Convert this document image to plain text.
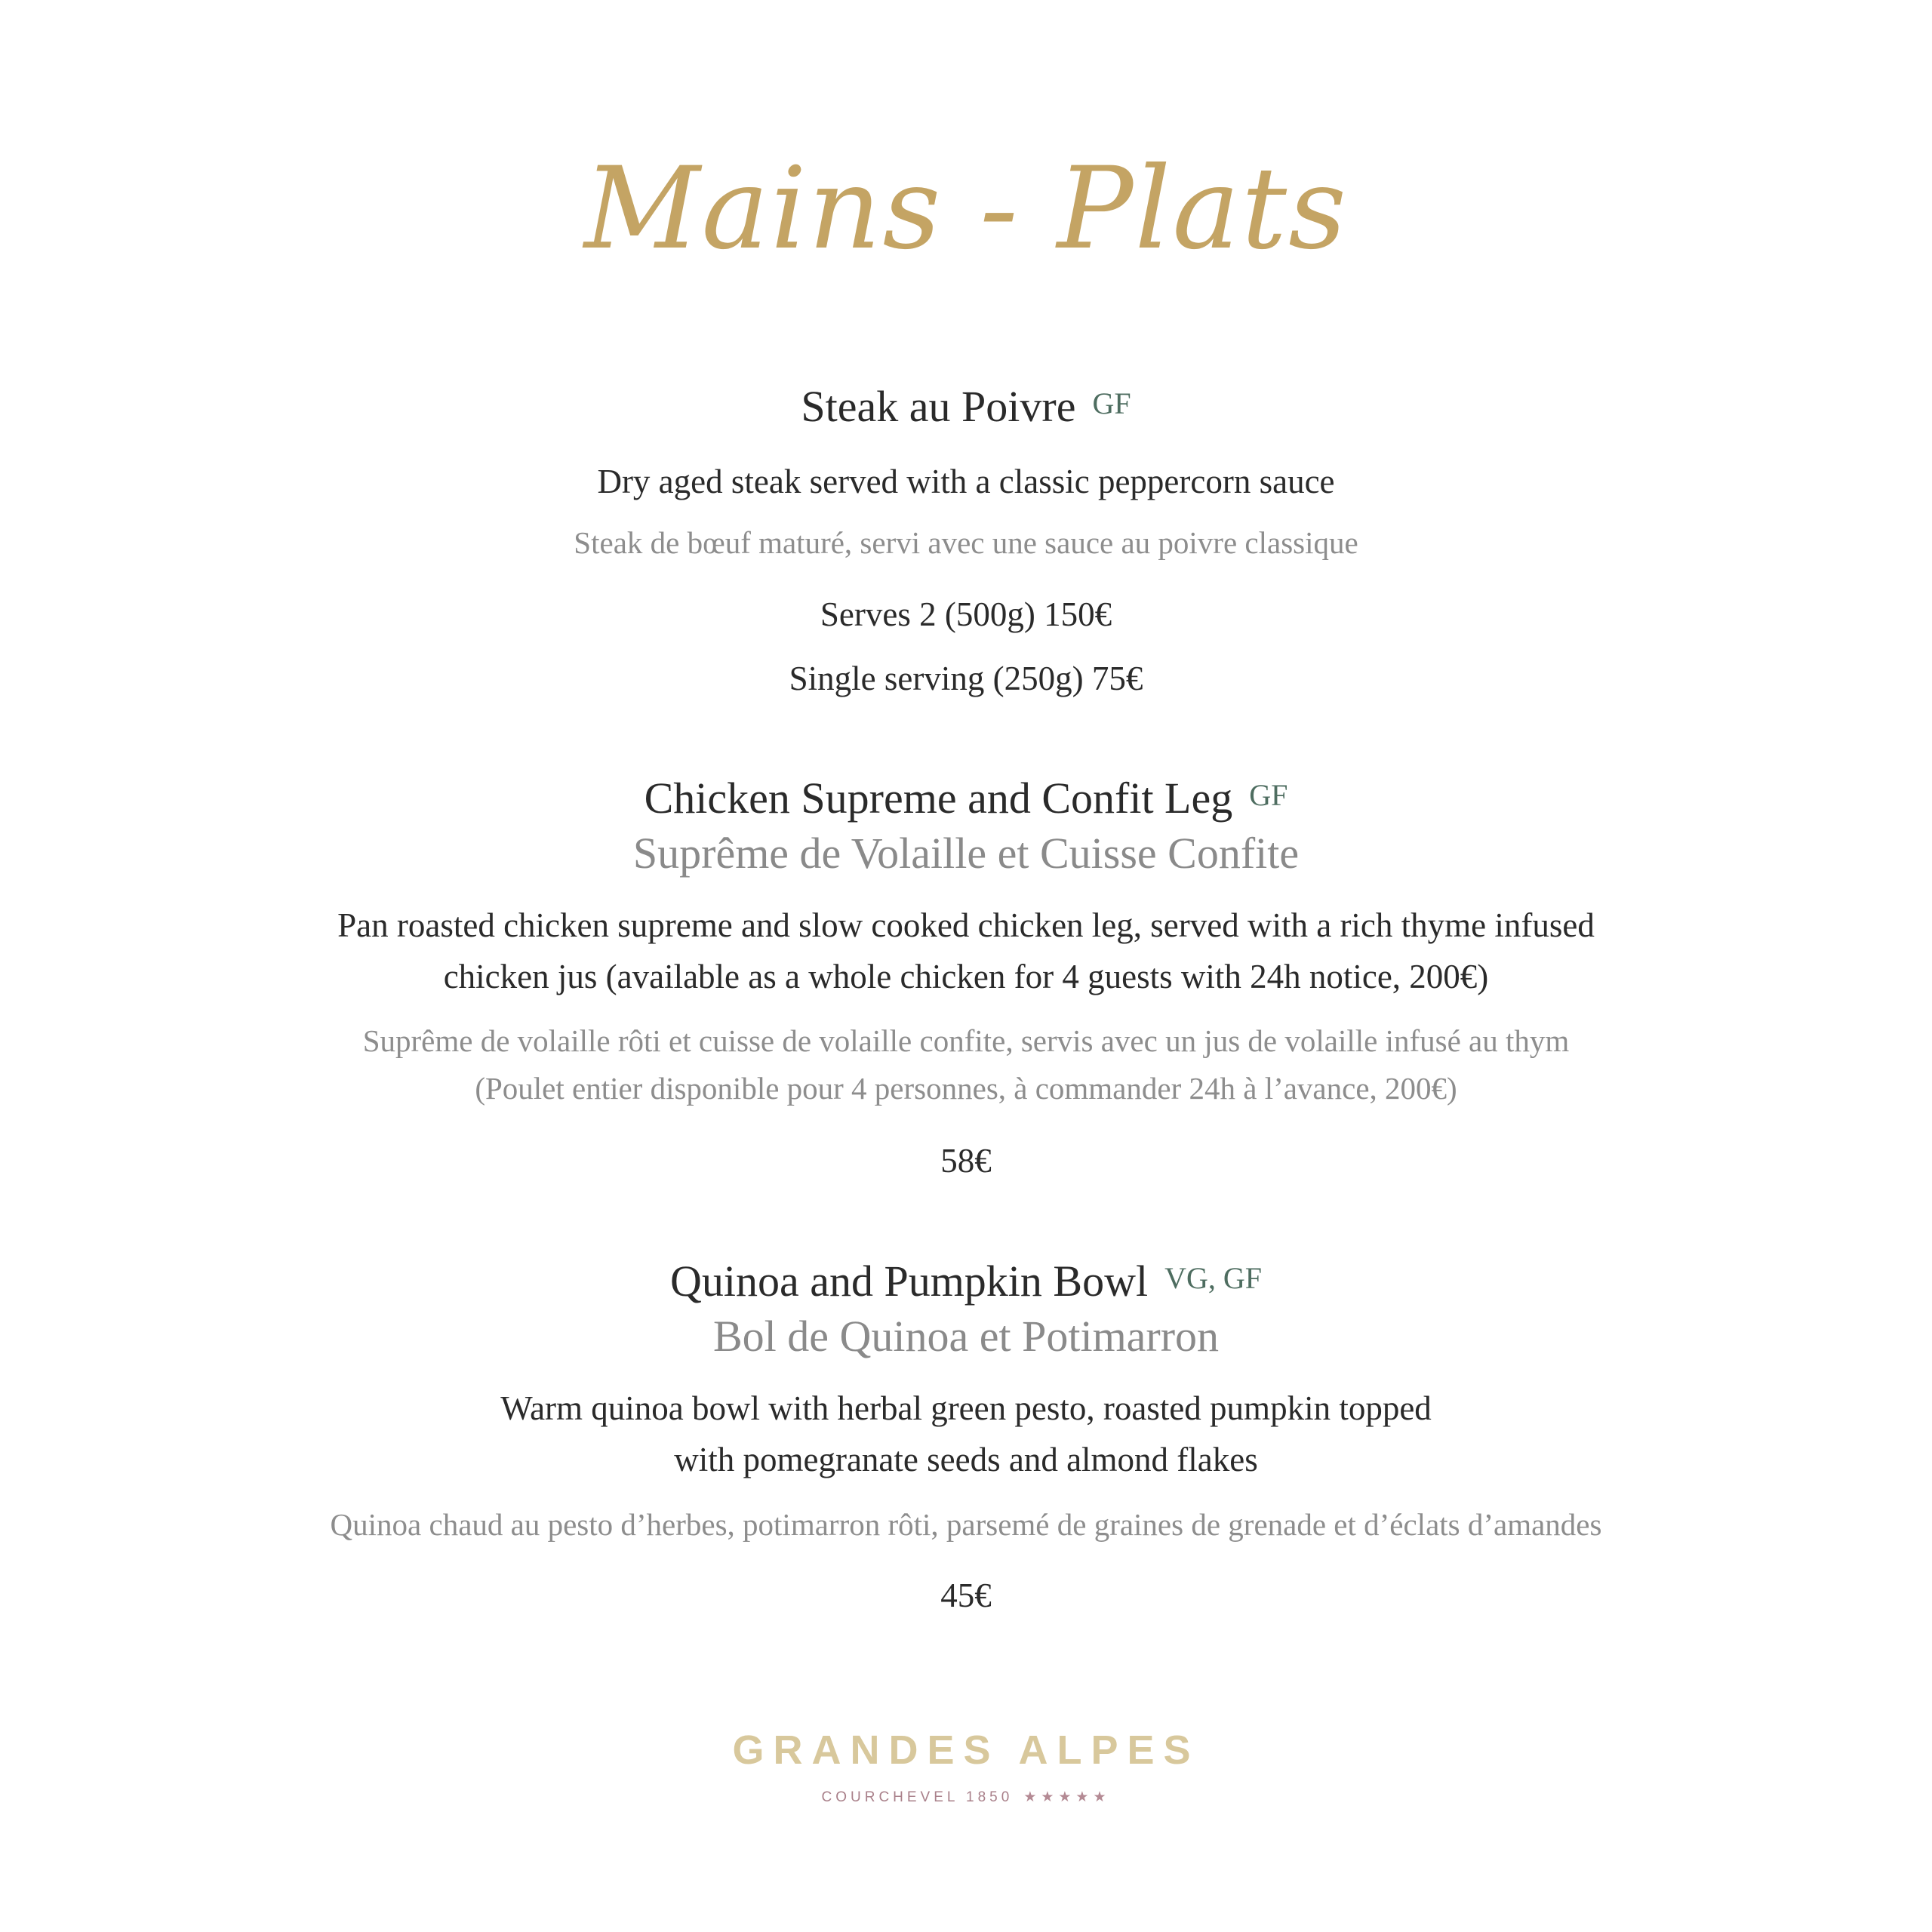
Mains - Plats
Steak au Poivre GF
Dry aged steak served with a classic peppercorn sauce
Steak de bœuf maturé, servi avec une sauce au poivre classique
Serves 2 (500g) 150€
Single serving (250g) 75€
Chicken Supreme and Confit Leg GF
Suprême de Volaille et Cuisse Confite
Pan roasted chicken supreme and slow cooked chicken leg, served with a rich thyme infused
chicken jus (available as a whole chicken for 4 guests with 24h notice, 200€)
Suprême de volaille rôti et cuisse de volaille confite, servis avec un jus de volaille infusé au thym
(Poulet entier disponible pour 4 personnes, à commander 24h à l’avance, 200€)
58€
Quinoa and Pumpkin Bowl VG, GF
Bol de Quinoa et Potimarron
Warm quinoa bowl with herbal green pesto, roasted pumpkin topped
with pomegranate seeds and almond flakes
Quinoa chaud au pesto d’herbes, potimarron rôti, parsemé de graines de grenade et d’éclats d’amandes
45€
GRANDES ALPES
COURCHEVEL 1850 ★★★★★
